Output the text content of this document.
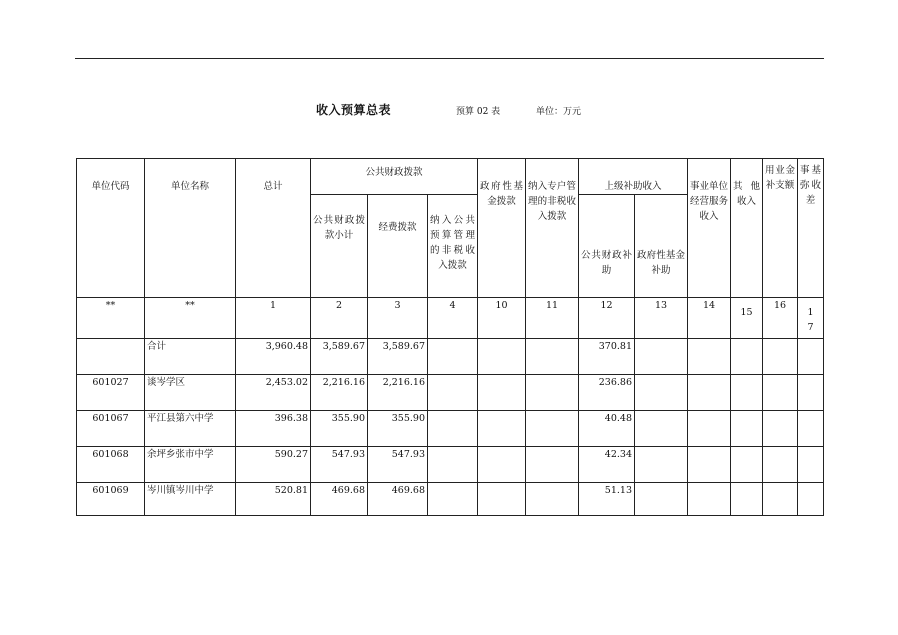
收入预算总表	预算 02 表	单位：万元
单位代码	单位名称	总计	公共财政拨款			政府性基金拨款	纳入专户管理的非税收入拨款	上级补助收入		事业单位经营服务收入	其他收入	用业金补支额	事基弥收差
			公共财政拨款小计	经费拨款	纳入公共预算管理的非税收入拨款			公共财政补助	政府性基金补助				
**	**	1	2	3	4	10	11	12	13	14	15	16	17
	合计	3,960.48	3,589.67	3,589.67				370.81					
601027	谈岑学区	2,453.02	2,216.16	2,216.16				236.86					
601067	平江县第六中学	396.38	355.90	355.90				40.48					
601068	余坪乡张市中学	590.27	547.93	547.93				42.34					
601069	岑川镇岑川中学	520.81	469.68	469.68				51.13					
